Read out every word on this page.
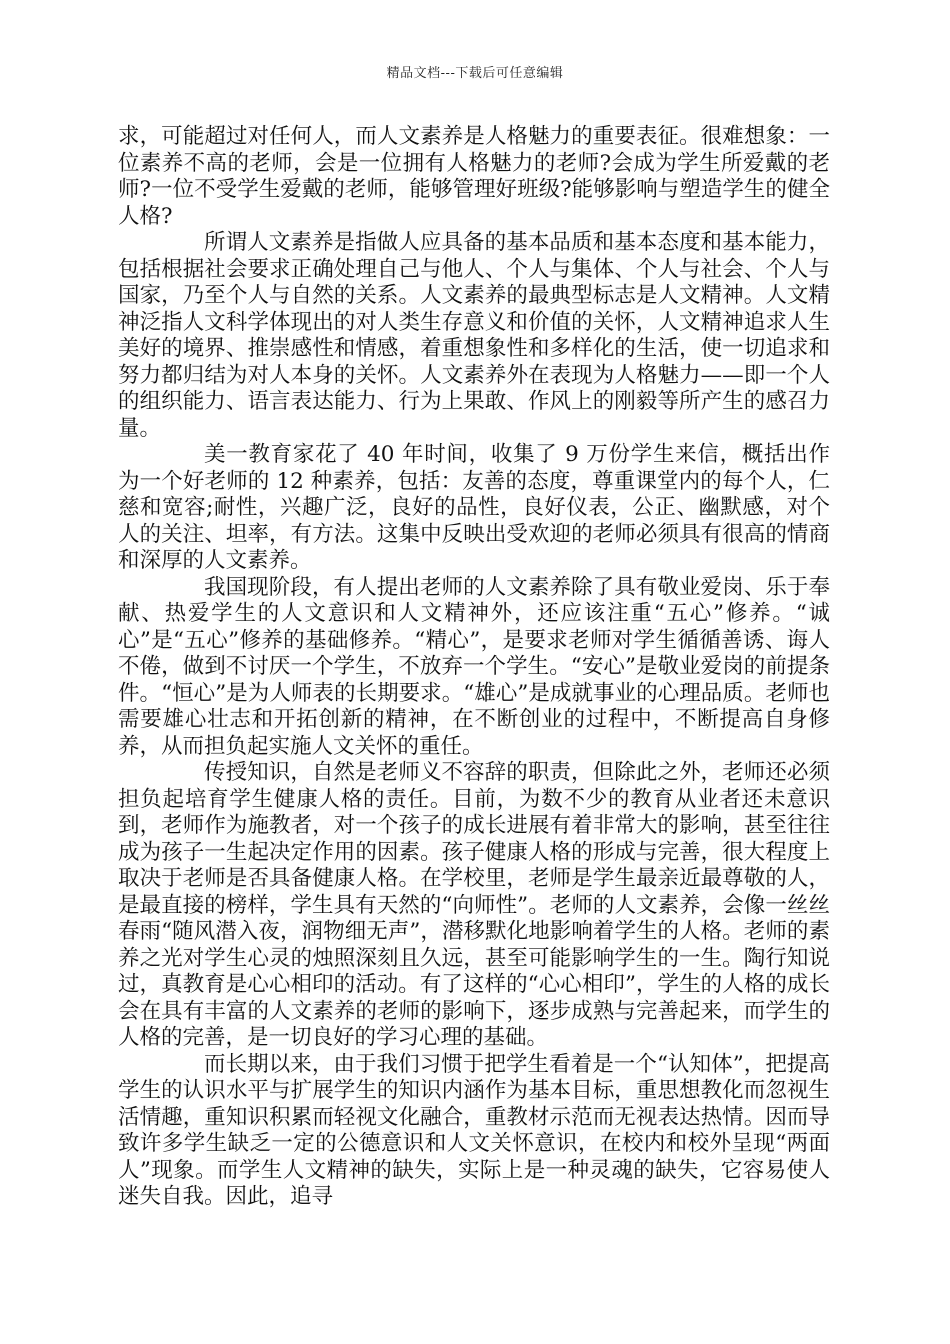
精品文档---下载后可任意编辑

求，可能超过对任何人，而人文素养是人格魅力的重要表征。很难想象：一位素养不高的老师，会是一位拥有人格魅力的老师?会成为学生所爱戴的老师?一位不受学生爱戴的老师，能够管理好班级?能够影响与塑造学生的健全人格?

所谓人文素养是指做人应具备的基本品质和基本态度和基本能力，包括根据社会要求正确处理自己与他人、个人与集体、个人与社会、个人与国家，乃至个人与自然的关系。人文素养的最典型标志是人文精神。人文精神泛指人文科学体现出的对人类生存意义和价值的关怀，人文精神追求人生美好的境界、推崇感性和情感，着重想象性和多样化的生活，使一切追求和努力都归结为对人本身的关怀。人文素养外在表现为人格魅力——即一个人的组织能力、语言表达能力、行为上果敢、作风上的刚毅等所产生的感召力量。

美一教育家花了 40 年时间，收集了 9 万份学生来信，概括出作为一个好老师的 12 种素养，包括：友善的态度，尊重课堂内的每个人，仁慈和宽容;耐性，兴趣广泛，良好的品性，良好仪表，公正、幽默感，对个人的关注、坦率，有方法。这集中反映出受欢迎的老师必须具有很高的情商和深厚的人文素养。

我国现阶段，有人提出老师的人文素养除了具有敬业爱岗、乐于奉献、热爱学生的人文意识和人文精神外，还应该注重“五心”修养。“诚心”是“五心”修养的基础修养。“精心”，是要求老师对学生循循善诱、诲人不倦，做到不讨厌一个学生，不放弃一个学生。“安心”是敬业爱岗的前提条件。“恒心”是为人师表的长期要求。“雄心”是成就事业的心理品质。老师也需要雄心壮志和开拓创新的精神，在不断创业的过程中，不断提高自身修养，从而担负起实施人文关怀的重任。

传授知识，自然是老师义不容辞的职责，但除此之外，老师还必须担负起培育学生健康人格的责任。目前，为数不少的教育从业者还未意识到，老师作为施教者，对一个孩子的成长进展有着非常大的影响，甚至往往成为孩子一生起决定作用的因素。孩子健康人格的形成与完善，很大程度上取决于老师是否具备健康人格。在学校里，老师是学生最亲近最尊敬的人，是最直接的榜样，学生具有天然的“向师性”。老师的人文素养，会像一丝丝春雨“随风潜入夜，润物细无声”，潜移默化地影响着学生的人格。老师的素养之光对学生心灵的烛照深刻且久远，甚至可能影响学生的一生。陶行知说过，真教育是心心相印的活动。有了这样的“心心相印”，学生的人格的成长会在具有丰富的人文素养的老师的影响下，逐步成熟与完善起来，而学生的人格的完善，是一切良好的学习心理的基础。

而长期以来，由于我们习惯于把学生看着是一个“认知体”，把提高学生的认识水平与扩展学生的知识内涵作为基本目标，重思想教化而忽视生活情趣，重知识积累而轻视文化融合，重教材示范而无视表达热情。因而导致许多学生缺乏一定的公德意识和人文关怀意识，在校内和校外呈现“两面人”现象。而学生人文精神的缺失，实际上是一种灵魂的缺失，它容易使人迷失自我。因此，追寻
